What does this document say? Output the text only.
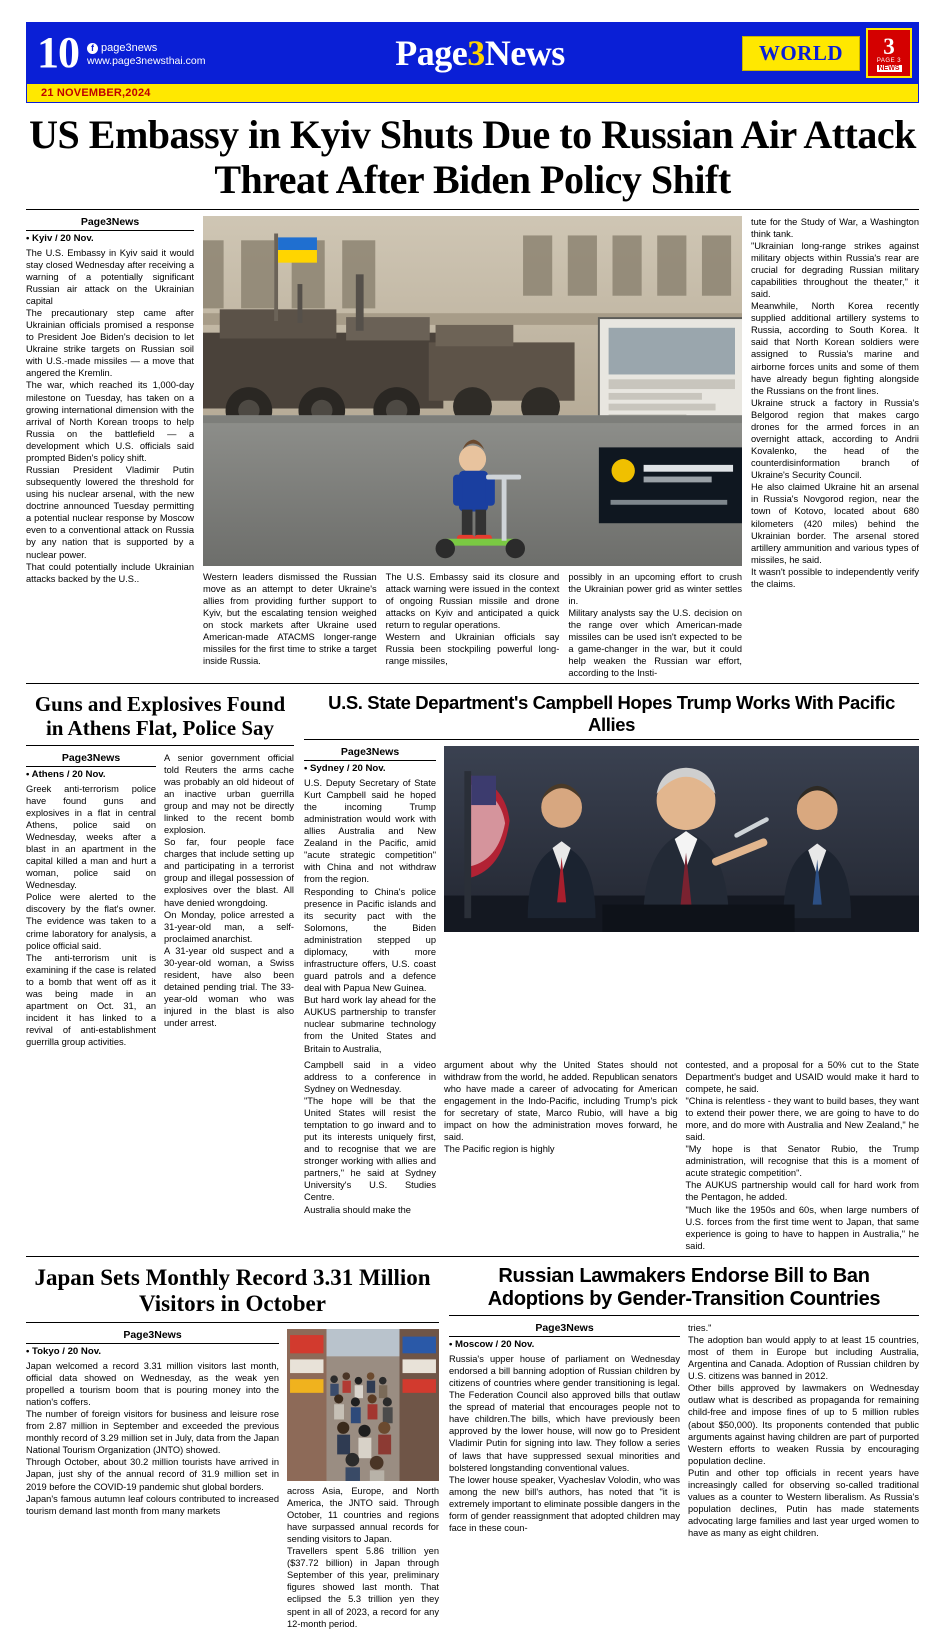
10	f page3news
www.page3newsthai.com	Page3News	WORLD	3
PAGE 3
NEWS
21 NOVEMBER,2024
US Embassy in Kyiv Shuts Due to Russian Air Attack Threat After Biden Policy Shift
Page3News
• Kyiv / 20 Nov.

The U.S. Embassy in Kyiv said it would stay closed Wednesday after receiving a warning of a potentially significant Russian air attack on the Ukrainian capital

The precautionary step came after Ukrainian officials promised a response to President Joe Biden's decision to let Ukraine strike targets on Russian soil with U.S.-made missiles — a move that angered the Kremlin.

The war, which reached its 1,000-day milestone on Tuesday, has taken on a growing international dimension with the arrival of North Korean troops to help Russia on the battlefield — a development which U.S. officials said prompted Biden's policy shift.

Russian President Vladimir Putin subsequently lowered the threshold for using his nuclear arsenal, with the new doctrine announced Tuesday permitting a potential nuclear response by Moscow even to a conventional attack on Russia by any nation that is supported by a nuclear power.

That could potentially include Ukrainian attacks backed by the U.S..	Western leaders dismissed the Russian move as an attempt to deter Ukraine's allies from providing further support to Kyiv, but the escalating tension weighed on stock markets after Ukraine used American-made ATACMS longer-range missiles for the first time to strike a target inside Russia.

The U.S. Embassy said its closure and attack warning were issued in the context of ongoing Russian missile and drone attacks on Kyiv and anticipated a quick return to regular operations.

Western and Ukrainian officials say Russia been stockpiling powerful long-range missiles,

possibly in an upcoming effort to crush the Ukrainian power grid as winter settles in.

Military analysts say the U.S. decision on the range over which American-made missiles can be used isn't expected to be a game-changer in the war, but it could help weaken the Russian war effort, according to the Insti-

tute for the Study of War, a Washington think tank.

"Ukrainian long-range strikes against military objects within Russia's rear are crucial for degrading Russian military capabilities throughout the theater," it said.

Meanwhile, North Korea recently supplied additional artillery systems to Russia, according to South Korea. It said that North Korean soldiers were assigned to Russia's marine and airborne forces units and some of them have already begun fighting alongside the Russians on the front lines.

Ukraine struck a factory in Russia's Belgorod region that makes cargo drones for the armed forces in an overnight attack, according to Andrii Kovalenko, the head of the counterdisinformation branch of Ukraine's Security Council.

He also claimed Ukraine hit an arsenal in Russia's Novgorod region, near the town of Kotovo, located about 680 kilometers (420 miles) behind the Ukrainian border. The arsenal stored artillery ammunition and various types of missiles, he said.

It wasn't possible to independently verify the claims.

Guns and Explosives Found in Athens Flat, Police Say
Page3News
• Athens / 20 Nov.

Greek anti-terrorism police have found guns and explosives in a flat in central Athens, police said on Wednesday, weeks after a blast in an apartment in the capital killed a man and hurt a woman, police said on Wednesday.

Police were alerted to the discovery by the flat's owner. The evidence was taken to a crime laboratory for analysis, a police official said.

The anti-terrorism unit is examining if the case is related to a bomb that went off as it was being made in an apartment on Oct. 31, an incident it has linked to a revival of anti-establishment guerrilla group activities.

A senior government official told Reuters the arms cache was probably an old hideout of an inactive urban guerrilla group and may not be directly linked to the recent bomb explosion.

So far, four people face charges that include setting up and participating in a terrorist group and illegal possession of explosives over the blast. All have denied wrongdoing.

On Monday, police arrested a 31-year-old man, a self-proclaimed anarchist.

A 31-year old suspect and a 30-year-old woman, a Swiss resident, have also been detained pending trial. The 33-year-old woman who was injured in the blast is also under arrest.

U.S. State Department's Campbell Hopes Trump Works With Pacific Allies
Page3News
• Sydney / 20 Nov.

U.S. Deputy Secretary of State Kurt Campbell said he hoped the incoming Trump administration would work with allies Australia and New Zealand in the Pacific, amid "acute strategic competition" with China and not withdraw from the region.

Responding to China's police presence in Pacific islands and its security pact with the Solomons, the Biden administration stepped up diplomacy, with more infrastructure offers, U.S. coast guard patrols and a defence deal with Papua New Guinea.

But hard work lay ahead for the AUKUS partnership to transfer nuclear submarine technology from the United States and Britain to Australia,

Campbell said in a video address to a conference in Sydney on Wednesday.

"The hope will be that the United States will resist the temptation to go inward and to put its interests uniquely first, and to recognise that we are stronger working with allies and partners," he said at Sydney University's U.S. Studies Centre.

Australia should make the

argument about why the United States should not withdraw from the world, he added. Republican senators who have made a career of advocating for American engagement in the Indo-Pacific, including Trump's pick for secretary of state, Marco Rubio, will have a big impact on how the administration moves forward, he said.

The Pacific region is highly

contested, and a proposal for a 50% cut to the State Department's budget and USAID would make it hard to compete, he said.

"China is relentless - they want to build bases, they want to extend their power there, we are going to have to do more, and do more with Australia and New Zealand," he said.

"My hope is that Senator Rubio, the Trump administration, will recognise that this is a moment of acute strategic competition".

The AUKUS partnership would call for hard work from the Pentagon, he added.

"Much like the 1950s and 60s, when large numbers of U.S. forces from the first time went to Japan, that same experience is going to have to happen in Australia," he said.

Japan Sets Monthly Record 3.31 Million Visitors in October
Page3News
• Tokyo / 20 Nov.

Japan welcomed a record 3.31 million visitors last month, official data showed on Wednesday, as the weak yen propelled a tourism boom that is pouring money into the nation's coffers.

The number of foreign visitors for business and leisure rose from 2.87 million in September and exceeded the previous monthly record of 3.29 million set in July, data from the Japan National Tourism Organization (JNTO) showed.

Through October, about 30.2 million tourists have arrived in Japan, just shy of the annual record of 31.9 million set in 2019 before the COVID-19 pandemic shut global borders.

Japan's famous autumn leaf colours contributed to increased tourism demand last month from many markets

across Asia, Europe, and North America, the JNTO said. Through October, 11 countries and regions have surpassed annual records for sending visitors to Japan.

Travellers spent 5.86 trillion yen ($37.72 billion) in Japan through September of this year, preliminary figures showed last month. That eclipsed the 5.3 trillion yen they spent in all of 2023, a record for any 12-month period.

Russian Lawmakers Endorse Bill to Ban Adoptions by Gender-Transition Countries
Page3News
• Moscow / 20 Nov.

Russia's upper house of parliament on Wednesday endorsed a bill banning adoption of Russian children by citizens of countries where gender transitioning is legal. The Federation Council also approved bills that outlaw the spread of material that encourages people not to have children.The bills, which have previously been approved by the lower house, will now go to President Vladimir Putin for signing into law. They follow a series of laws that have suppressed sexual minorities and bolstered longstanding conventional values.

The lower house speaker, Vyacheslav Volodin, who was among the new bill's authors, has noted that "it is extremely important to eliminate possible dangers in the form of gender reassignment that adopted children may face in these coun-

tries."

The adoption ban would apply to at least 15 countries, most of them in Europe but including Australia, Argentina and Canada. Adoption of Russian children by U.S. citizens was banned in 2012.

Other bills approved by lawmakers on Wednesday outlaw what is described as propaganda for remaining child-free and impose fines of up to 5 million rubles (about $50,000). Its proponents contended that public arguments against having children are part of purported Western efforts to weaken Russia by encouraging population decline.

Putin and other top officials in recent years have increasingly called for observing so-called traditional values as a counter to Western liberalism. As Russia's population declines, Putin has made statements advocating large families and last year urged women to have as many as eight children.
